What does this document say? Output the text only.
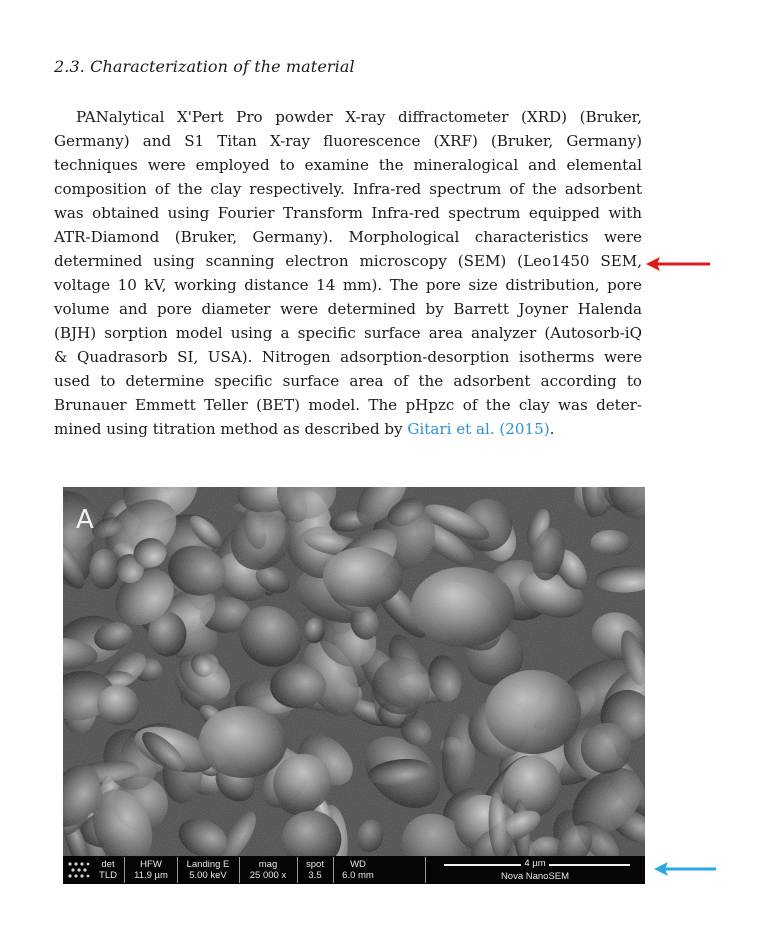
2.3. Characterization of the material
PANalytical X'Pert Pro powder X-ray diffractometer (XRD) (Bruker,
Germany) and S1 Titan X-ray fluorescence (XRF) (Bruker, Germany)
techniques were employed to examine the mineralogical and elemental
composition of the clay respectively. Infra-red spectrum of the adsorbent
was obtained using Fourier Transform Infra-red spectrum equipped with
ATR-Diamond (Bruker, Germany). Morphological characteristics were
determined using scanning electron microscopy (SEM) (Leo1450 SEM,
voltage 10 kV, working distance 14 mm). The pore size distribution, pore
volume and pore diameter were determined by Barrett Joyner Halenda
(BJH) sorption model using a specific surface area analyzer (Autosorb-iQ
& Quadrasorb SI, USA). Nitrogen adsorption-desorption isotherms were
used to determine specific surface area of the adsorbent according to
Brunauer Emmett Teller (BET) model. The pHpzc of the clay was deter-
mined using titration method as described by Gitari et al. (2015).
A
det
TLD
HFW
11.9 µm
Landing E
5.00 keV
mag
25 000 x
spot
3.5
WD
6.0 mm
4 µm
Nova NanoSEM
